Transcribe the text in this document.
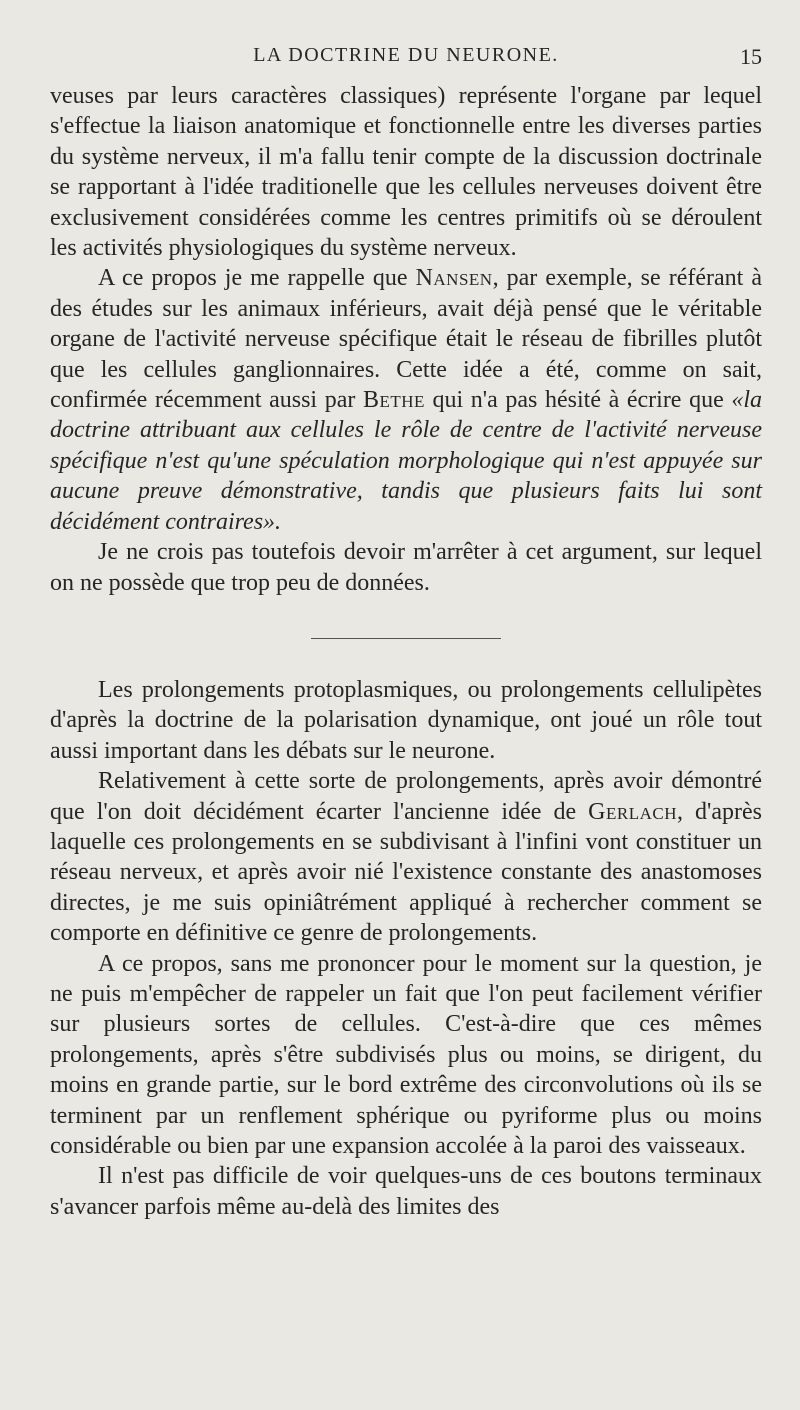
LA DOCTRINE DU NEURONE.	15

veuses par leurs caractères classiques) représente l'organe par lequel s'effectue la liaison anatomique et fonctionnelle entre les diverses parties du système nerveux, il m'a fallu tenir compte de la discussion doctrinale se rapportant à l'idée traditionelle que les cellules nerveuses doivent être exclusivement considérées comme les centres primitifs où se déroulent les activités physiologiques du système nerveux.

A ce propos je me rappelle que Nansen, par exemple, se référant à des études sur les animaux inférieurs, avait déjà pensé que le véritable organe de l'activité nerveuse spécifique était le réseau de fibrilles plutôt que les cellules ganglionnaires. Cette idée a été, comme on sait, confirmée récemment aussi par Bethe qui n'a pas hésité à écrire que «la doctrine attribuant aux cellules le rôle de centre de l'activité nerveuse spécifique n'est qu'une spéculation morphologique qui n'est appuyée sur aucune preuve démonstrative, tandis que plusieurs faits lui sont décidément contraires».

Je ne crois pas toutefois devoir m'arrêter à cet argument, sur lequel on ne possède que trop peu de données.

Les prolongements protoplasmiques, ou prolongements cellulipètes d'après la doctrine de la polarisation dynamique, ont joué un rôle tout aussi important dans les débats sur le neurone.

Relativement à cette sorte de prolongements, après avoir démontré que l'on doit décidément écarter l'ancienne idée de Gerlach, d'après laquelle ces prolongements en se subdivisant à l'infini vont constituer un réseau nerveux, et après avoir nié l'existence constante des anastomoses directes, je me suis opiniâtrément appliqué à rechercher comment se comporte en définitive ce genre de prolongements.

A ce propos, sans me prononcer pour le moment sur la question, je ne puis m'empêcher de rappeler un fait que l'on peut facilement vérifier sur plusieurs sortes de cellules. C'est-à-dire que ces mêmes prolongements, après s'être subdivisés plus ou moins, se dirigent, du moins en grande partie, sur le bord extrême des circonvolutions où ils se terminent par un renflement sphérique ou pyriforme plus ou moins considérable ou bien par une expansion accolée à la paroi des vaisseaux.

Il n'est pas difficile de voir quelques-uns de ces boutons terminaux s'avancer parfois même au-delà des limites des
